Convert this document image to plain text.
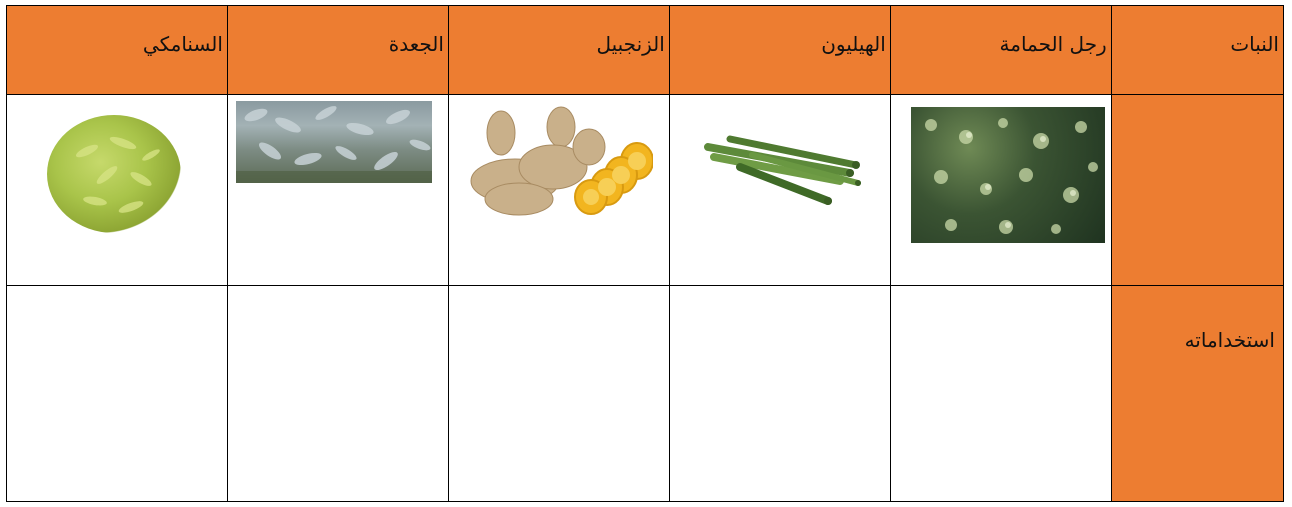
النبات	رجل الحمامة	الهيليون	الزنجبيل	الجعدة	السنامكي

استخداماته					
